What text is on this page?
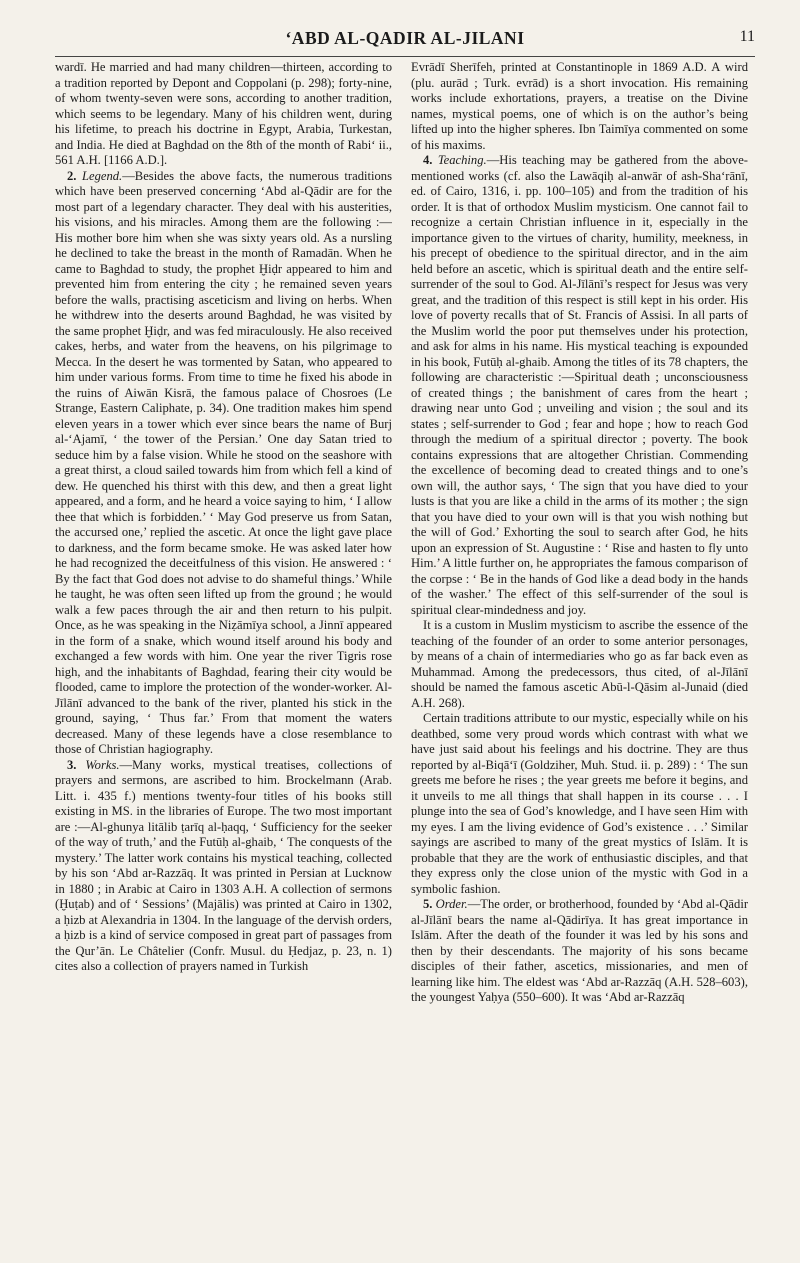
‘ABD AL-QADIR AL-JILANI	11

wardī. He married and had many children—thirteen, according to a tradition reported by Depont and Coppolani (p. 298); forty-nine, of whom twenty-seven were sons, according to another tradition, which seems to be legendary. Many of his children went, during his lifetime, to preach his doctrine in Egypt, Arabia, Turkestan, and India. He died at Baghdad on the 8th of the month of Rabi‘ ii., 561 A.H. [1166 A.D.].

2. Legend.—Besides the above facts, the numerous traditions which have been preserved concerning ‘Abd al-Qādir are for the most part of a legendary character. They deal with his austerities, his visions, and his miracles. Among them are the following :—His mother bore him when she was sixty years old. As a nursling he declined to take the breast in the month of Ramadān. When he came to Baghdad to study, the prophet Ḫiḍr appeared to him and prevented him from entering the city ; he remained seven years before the walls, practising asceticism and living on herbs. When he withdrew into the deserts around Baghdad, he was visited by the same prophet Ḫiḍr, and was fed miraculously. He also received cakes, herbs, and water from the heavens, on his pilgrimage to Mecca. In the desert he was tormented by Satan, who appeared to him under various forms. From time to time he fixed his abode in the ruins of Aiwān Kisrā, the famous palace of Chosroes (Le Strange, Eastern Caliphate, p. 34). One tradition makes him spend eleven years in a tower which ever since bears the name of Burj al-‘Ajamī, ‘ the tower of the Persian.’ One day Satan tried to seduce him by a false vision. While he stood on the seashore with a great thirst, a cloud sailed towards him from which fell a kind of dew. He quenched his thirst with this dew, and then a great light appeared, and a form, and he heard a voice saying to him, ‘ I allow thee that which is forbidden.’ ‘ May God preserve us from Satan, the accursed one,’ replied the ascetic. At once the light gave place to darkness, and the form became smoke. He was asked later how he had recognized the deceitfulness of this vision. He answered : ‘ By the fact that God does not advise to do shameful things.’ While he taught, he was often seen lifted up from the ground ; he would walk a few paces through the air and then return to his pulpit. Once, as he was speaking in the Niẓāmīya school, a Jinnī appeared in the form of a snake, which wound itself around his body and exchanged a few words with him. One year the river Tigris rose high, and the inhabitants of Baghdad, fearing their city would be flooded, came to implore the protection of the wonder-worker. Al-Jīlānī advanced to the bank of the river, planted his stick in the ground, saying, ‘ Thus far.’ From that moment the waters decreased. Many of these legends have a close resemblance to those of Christian hagiography.

3. Works.—Many works, mystical treatises, collections of prayers and sermons, are ascribed to him. Brockelmann (Arab. Litt. i. 435 f.) mentions twenty-four titles of his books still existing in MS. in the libraries of Europe. The two most important are :—Al-ghunya litālib ṭarīq al-ḥaqq, ‘ Sufficiency for the seeker of the way of truth,’ and the Futūḥ al-ghaib, ‘ The conquests of the mystery.’ The latter work contains his mystical teaching, collected by his son ‘Abd ar-Razzāq. It was printed in Persian at Lucknow in 1880 ; in Arabic at Cairo in 1303 A.H. A collection of sermons (Ḫuṭab) and of ‘ Sessions’ (Majālis) was printed at Cairo in 1302, a ḥizb at Alexandria in 1304. In the language of the dervish orders, a ḥizb is a kind of service composed in great part of passages from the Qur’ān. Le Châtelier (Confr. Musul. du Ḥedjaz, p. 23, n. 1) cites also a collection of prayers named in Turkish

Evrādī Sherīfeh, printed at Constantinople in 1869 A.D. A wird (plu. aurād ; Turk. evrād) is a short invocation. His remaining works include exhortations, prayers, a treatise on the Divine names, mystical poems, one of which is on the author’s being lifted up into the higher spheres. Ibn Taimīya commented on some of his maxims.

4. Teaching.—His teaching may be gathered from the above-mentioned works (cf. also the Lawāqiḥ al-anwār of ash-Sha‘rānī, ed. of Cairo, 1316, i. pp. 100–105) and from the tradition of his order. It is that of orthodox Muslim mysticism. One cannot fail to recognize a certain Christian influence in it, especially in the importance given to the virtues of charity, humility, meekness, in his precept of obedience to the spiritual director, and in the aim held before an ascetic, which is spiritual death and the entire self-surrender of the soul to God. Al-Jīlānī’s respect for Jesus was very great, and the tradition of this respect is still kept in his order. His love of poverty recalls that of St. Francis of Assisi. In all parts of the Muslim world the poor put themselves under his protection, and ask for alms in his name. His mystical teaching is expounded in his book, Futūḥ al-ghaib. Among the titles of its 78 chapters, the following are characteristic :—Spiritual death ; unconsciousness of created things ; the banishment of cares from the heart ; drawing near unto God ; unveiling and vision ; the soul and its states ; self-surrender to God ; fear and hope ; how to reach God through the medium of a spiritual director ; poverty. The book contains expressions that are altogether Christian. Commending the excellence of becoming dead to created things and to one’s own will, the author says, ‘ The sign that you have died to your lusts is that you are like a child in the arms of its mother ; the sign that you have died to your own will is that you wish nothing but the will of God.’ Exhorting the soul to search after God, he hits upon an expression of St. Augustine : ‘ Rise and hasten to fly unto Him.’ A little further on, he appropriates the famous comparison of the corpse : ‘ Be in the hands of God like a dead body in the hands of the washer.’ The effect of this self-surrender of the soul is spiritual clear-mindedness and joy.

It is a custom in Muslim mysticism to ascribe the essence of the teaching of the founder of an order to some anterior personages, by means of a chain of intermediaries who go as far back even as Muhammad. Among the predecessors, thus cited, of al-Jīlānī should be named the famous ascetic Abū-l-Qāsim al-Junaid (died A.H. 268).

Certain traditions attribute to our mystic, especially while on his deathbed, some very proud words which contrast with what we have just said about his feelings and his doctrine. They are thus reported by al-Biqā‘ī (Goldziher, Muh. Stud. ii. p. 289) : ‘ The sun greets me before he rises ; the year greets me before it begins, and it unveils to me all things that shall happen in its course . . . I plunge into the sea of God’s knowledge, and I have seen Him with my eyes. I am the living evidence of God’s existence . . .’ Similar sayings are ascribed to many of the great mystics of Islām. It is probable that they are the work of enthusiastic disciples, and that they express only the close union of the mystic with God in a symbolic fashion.

5. Order.—The order, or brotherhood, founded by ‘Abd al-Qādir al-Jīlānī bears the name al-Qādirīya. It has great importance in Islām. After the death of the founder it was led by his sons and then by their descendants. The majority of his sons became disciples of their father, ascetics, missionaries, and men of learning like him. The eldest was ‘Abd ar-Razzāq (A.H. 528–603), the youngest Yaḥya (550–600). It was ‘Abd ar-Razzāq
